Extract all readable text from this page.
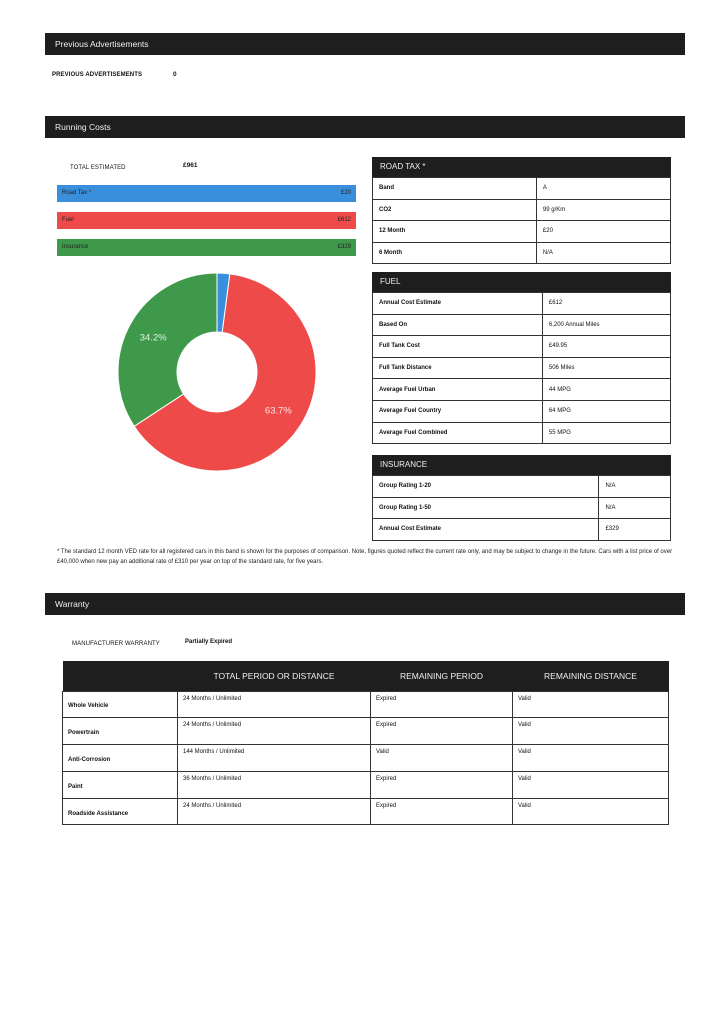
Previous Advertisements
PREVIOUS ADVERTISEMENTS	0
Running Costs
TOTAL ESTIMATED	£961
Road Tax *	£20
Fuel	£612
Insurance	£329
63.7%
34.2%
ROAD TAX *
Band	A
CO2	99 g/Km
12 Month	£20
6 Month	N/A
FUEL
Annual Cost Estimate	£612
Based On	6,200 Annual Miles
Full Tank Cost	£49.95
Full Tank Distance	506 Miles
Average Fuel Urban	44 MPG
Average Fuel Country	64 MPG
Average Fuel Combined	55 MPG
INSURANCE
Group Rating 1-20	N/A
Group Rating 1-50	N/A
Annual Cost Estimate	£329
* The standard 12 month VED rate for all registered cars in this band is shown for the purposes of comparison. Note, figures quoted reflect the current rate only, and may be subject to change in the future. Cars with a list price of over £40,000 when new pay an additional rate of £310 per year on top of the standard rate, for five years.
Warranty
MANUFACTURER WARRANTY	Partially Expired
	TOTAL PERIOD OR DISTANCE	REMAINING PERIOD	REMAINING DISTANCE
Whole Vehicle	24 Months / Unlimited	Expired	Valid
Powertrain	24 Months / Unlimited	Expired	Valid
Anti-Corrosion	144 Months / Unlimited	Valid	Valid
Paint	36 Months / Unlimited	Expired	Valid
Roadside Assistance	24 Months / Unlimited	Expired	Valid
